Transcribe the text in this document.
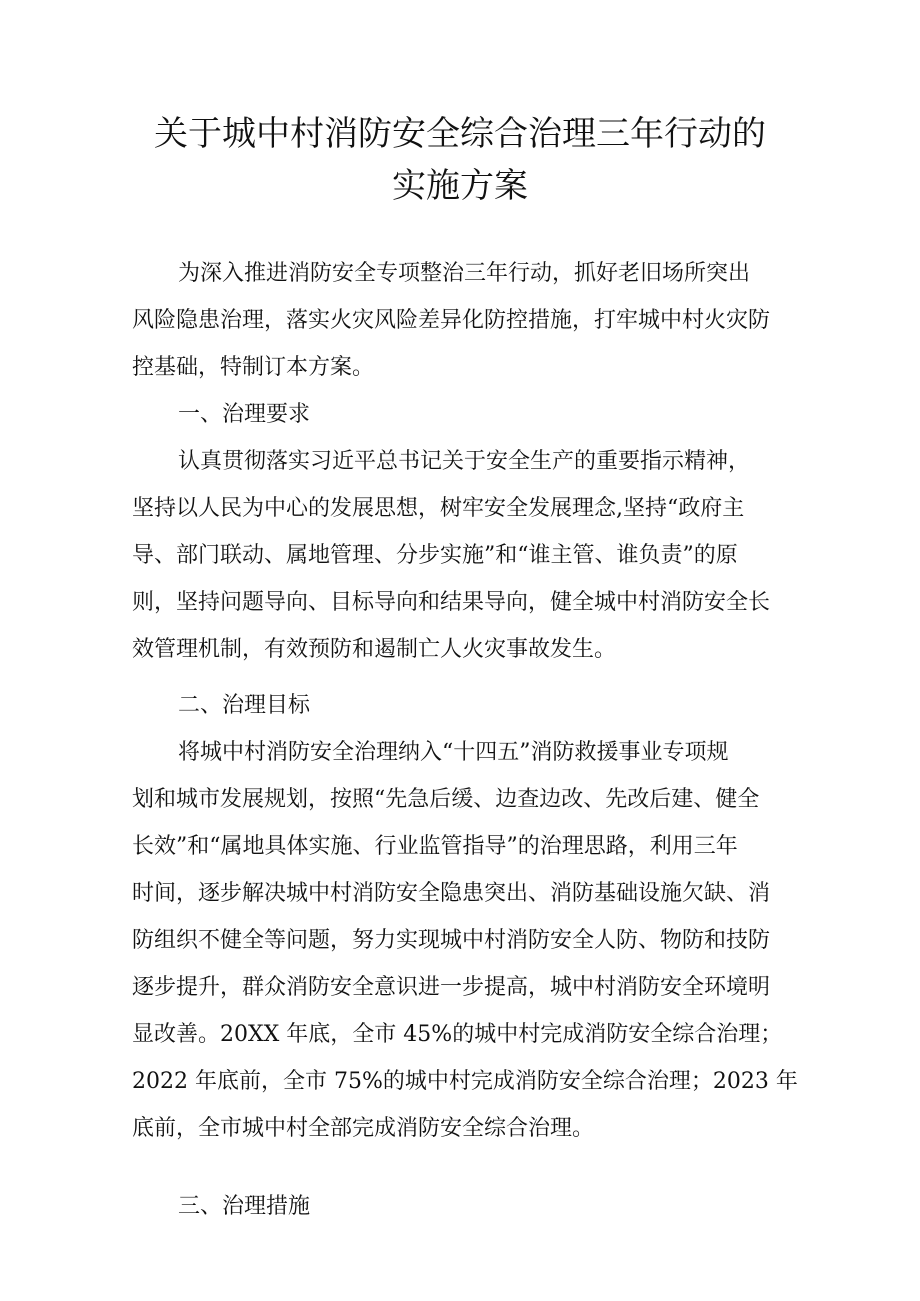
关于城中村消防安全综合治理三年行动的
实施方案
为深入推进消防安全专项整治三年行动，抓好老旧场所突出
风险隐患治理，落实火灾风险差异化防控措施，打牢城中村火灾防
控基础，特制订本方案。
一、治理要求
认真贯彻落实习近平总书记关于安全生产的重要指示精神，
坚持以人民为中心的发展思想，树牢安全发展理念,坚持“政府主
导、部门联动、属地管理、分步实施”和“谁主管、谁负责”的原
则，坚持问题导向、目标导向和结果导向，健全城中村消防安全长
效管理机制，有效预防和遏制亡人火灾事故发生。
二、治理目标
将城中村消防安全治理纳入“十四五”消防救援事业专项规
划和城市发展规划，按照“先急后缓、边查边改、先改后建、健全
长效”和“属地具体实施、行业监管指导”的治理思路，利用三年
时间，逐步解决城中村消防安全隐患突出、消防基础设施欠缺、消
防组织不健全等问题，努力实现城中村消防安全人防、物防和技防
逐步提升，群众消防安全意识进一步提高，城中村消防安全环境明
显改善。20XX 年底，全市 45%的城中村完成消防安全综合治理；
2022 年底前，全市 75%的城中村完成消防安全综合治理；2023 年
底前，全市城中村全部完成消防安全综合治理。
三、治理措施
